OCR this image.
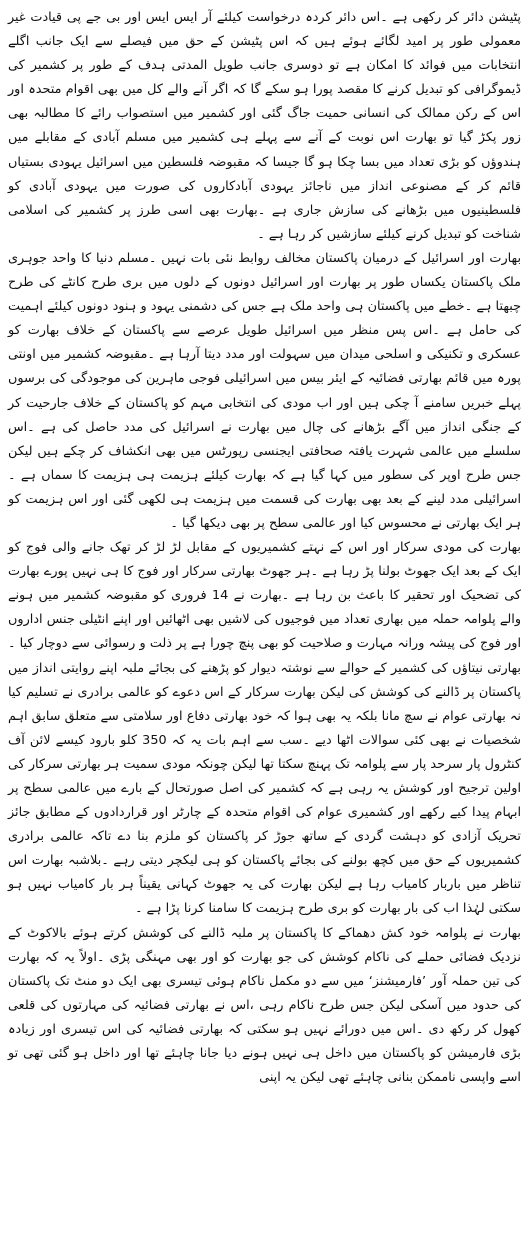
پٹیشن دائر کر رکھی ہے ۔اس دائر کردہ درخواست کیلئے آر ایس ایس اور بی جے پی قیادت غیر معمولی طور پر امید لگائے ہوئے ہیں کہ اس پٹیشن کے حق میں فیصلے سے ایک جانب اگلے انتخابات میں فوائد کا امکان ہے تو دوسری جانب طویل المدتی ہدف کے طور پر کشمیر کی ڈیموگرافی کو تبدیل کرنے کا مقصد پورا ہو سکے گا کہ اگر آنے والے کل میں بھی اقوام متحدہ اور اس کے رکن ممالک کی انسانی حمیت جاگ گئی اور کشمیر میں استصواب رائے کا مطالبہ بھی زور پکڑ گیا تو بھارت اس نوبت کے آنے سے پہلے ہی کشمیر میں مسلم آبادی کے مقابلے میں ہندوؤں کو بڑی تعداد میں بسا چکا ہو گا جیسا کہ مقبوضہ فلسطین میں اسرائیل یہودی بستیاں قائم کر کے مصنوعی انداز میں ناجائز یہودی آبادکاروں کی صورت میں یہودی آبادی کو فلسطینیوں میں بڑھانے کی سازش جاری ہے ۔بھارت بھی اسی طرز پر کشمیر کی اسلامی شناخت کو تبدیل کرنے کیلئے سازشیں کر رہا ہے ۔

بھارت اور اسرائیل کے درمیان پاکستان مخالف روابط نئی بات نہیں ۔مسلم دنیا کا واحد جوہری ملک پاکستان یکساں طور پر بھارت اور اسرائیل دونوں کے دلوں میں بری طرح کانٹے کی طرح چبھتا ہے ۔خطے میں پاکستان ہی واحد ملک ہے جس کی دشمنی یہود و ہنود دونوں کیلئے اہمیت کی حامل ہے ۔اس پس منظر میں اسرائیل طویل عرصے سے پاکستان کے خلاف بھارت کو عسکری و تکنیکی و اسلحی میدان میں سہولت اور مدد دیتا آرہا ہے ۔مقبوضہ کشمیر میں اونتی پورہ میں قائم بھارتی فضائیہ کے ایئر بیس میں اسرائیلی فوجی ماہرین کی موجودگی کی برسوں پہلے خبریں سامنے آ چکی ہیں اور اب مودی کی انتخابی مہم کو پاکستان کے خلاف جارحیت کر کے جنگی انداز میں آگے بڑھانے کی چال میں بھارت نے اسرائیل کی مدد حاصل کی ہے ۔اس سلسلے میں عالمی شہرت یافتہ صحافتی ایجنسی رپورٹس میں بھی انکشاف کر چکے ہیں لیکن جس طرح اوپر کی سطور میں کہا گیا ہے کہ بھارت کیلئے ہزیمت ہی ہزیمت کا سماں ہے ۔اسرائیلی مدد لینے کے بعد بھی بھارت کی قسمت میں ہزیمت ہی لکھی گئی اور اس ہزیمت کو ہر ایک بھارتی نے محسوس کیا اور عالمی سطح پر بھی دیکھا گیا ۔

بھارت کی مودی سرکار اور اس کے نہتے کشمیریوں کے مقابل لڑ لڑ کر تھک جانے والی فوج کو ایک کے بعد ایک جھوٹ بولنا پڑ رہا ہے ۔ہر جھوٹ بھارتی سرکار اور فوج کا ہی نہیں پورے بھارت کی تضحیک اور تحقیر کا باعث بن رہا ہے ۔بھارت نے 14 فروری کو مقبوضہ کشمیر میں ہونے والے پلوامہ حملہ میں بھاری تعداد میں فوجیوں کی لاشیں بھی اٹھائیں اور اپنے انٹیلی جنس اداروں اور فوج کی پیشہ ورانہ مہارت و صلاحیت کو بھی پنچ چورا ہے پر ذلت و رسوائی سے دوچار کیا ۔بھارتی نیتاؤں کی کشمیر کے حوالے سے نوشتہ دیوار کو پڑھنے کی بجائے ملبہ اپنے روایتی انداز میں پاکستان پر ڈالنے کی کوشش کی لیکن بھارت سرکار کے اس دعوے کو عالمی برادری نے تسلیم کیا نہ بھارتی عوام نے سچ مانا بلکہ یہ بھی ہوا کہ خود بھارتی دفاع اور سلامتی سے متعلق سابق اہم شخصیات نے بھی کئی سوالات اٹھا دیے ۔سب سے اہم بات یہ کہ 350 کلو بارود کیسے لائن آف کنٹرول پار سرحد پار سے پلوامہ تک پہنچ سکتا تھا لیکن چونکہ مودی سمیت ہر بھارتی سرکار کی اولین ترجیح اور کوشش یہ رہی ہے کہ کشمیر کی اصل صورتحال کے بارے میں عالمی سطح پر ابہام پیدا کیے رکھے اور کشمیری عوام کی اقوام متحدہ کے چارٹر اور قراردادوں کے مطابق جائز تحریک آزادی کو دہشت گردی کے ساتھ جوڑ کر پاکستان کو ملزم بنا دے تاکہ عالمی برادری کشمیریوں کے حق میں کچھ بولنے کی بجائے پاکستان کو ہی لیکچر دیتی رہے ۔بلاشبہ بھارت اس تناظر میں باربار کامیاب رہا ہے لیکن بھارت کی یہ جھوٹ کہانی یقیناً ہر بار کامیاب نہیں ہو سکتی لہٰذا اب کی بار بھارت کو بری طرح ہزیمت کا سامنا کرنا پڑا ہے ۔

بھارت نے پلوامہ خود کش دھماکے کا پاکستان پر ملبہ ڈالنے کی کوشش کرتے ہوئے بالاکوٹ کے نزدیک فضائی حملے کی ناکام کوشش کی جو بھارت کو اور بھی مہنگی پڑی ۔اولاً یہ کہ بھارت کی تین حملہ آور ’فارمیشنز‘ میں سے دو مکمل ناکام ہوئی تیسری بھی ایک دو منٹ تک پاکستان کی حدود میں آسکی لیکن جس طرح ناکام رہی ،اس نے بھارتی فضائیہ کی مہارتوں کی قلعی کھول کر رکھ دی ۔اس میں دورائے نہیں ہو سکتی کہ بھارتی فضائیہ کی اس تیسری اور زیادہ بڑی فارمیشن کو پاکستان میں داخل ہی نہیں ہونے دیا جانا چاہئے تھا اور داخل ہو گئی تھی تو اسے واپسی ناممکن بنانی چاہئے تھی لیکن یہ اپنی
